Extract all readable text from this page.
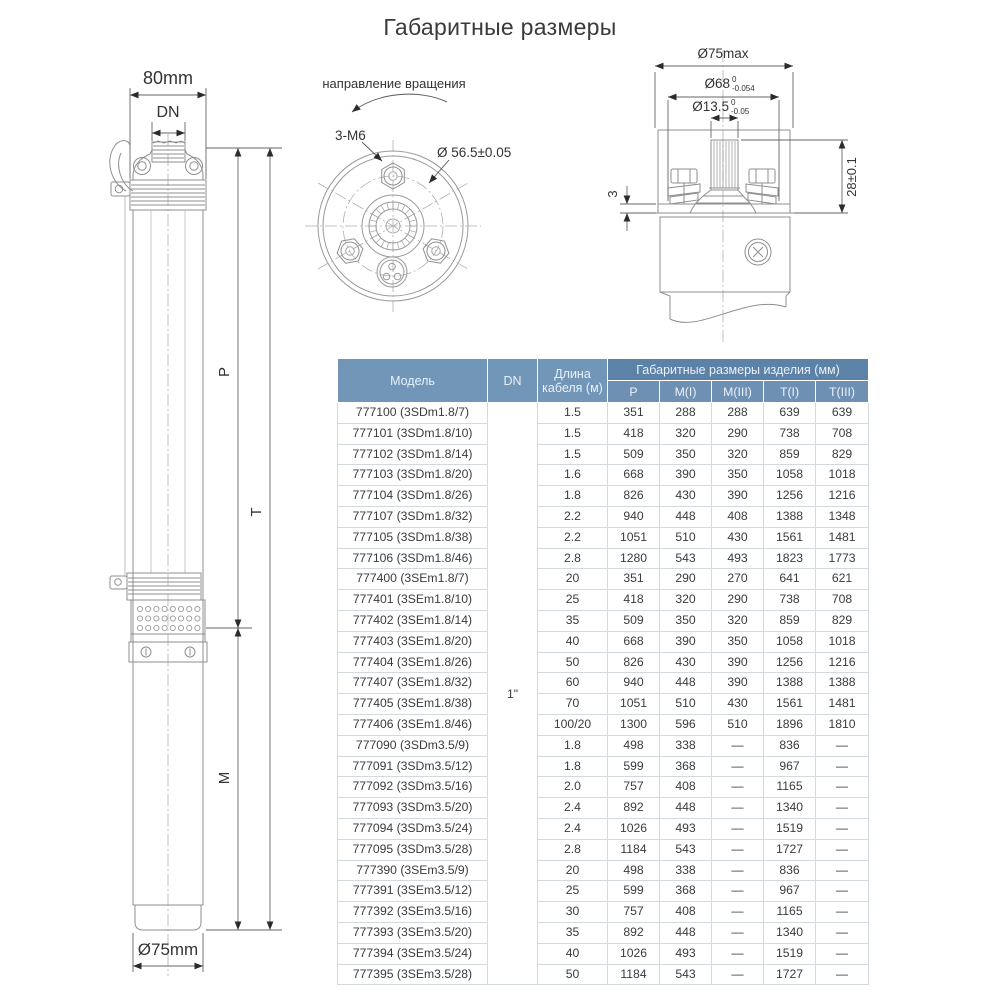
Габаритные размеры
80mm
DN
P
T
M
Ø75mm
направление вращения
3-M6
Ø 56.5±0.05
Ø75max
Ø68 0
-0.054
Ø13.5 0
-0.05
28±0.1
3
Модель	DN	Длина кабеля (м)	Габаритные размеры изделия (мм)				
			P	M(I)	M(III)	T(I)	T(III)
777100 (3SDm1.8/7)	1"	1.5	351	288	288	639	639
777101 (3SDm1.8/10)		1.5	418	320	290	738	708
777102 (3SDm1.8/14)		1.5	509	350	320	859	829
777103 (3SDm1.8/20)		1.6	668	390	350	1058	1018
777104 (3SDm1.8/26)		1.8	826	430	390	1256	1216
777107 (3SDm1.8/32)		2.2	940	448	408	1388	1348
777105 (3SDm1.8/38)		2.2	1051	510	430	1561	1481
777106 (3SDm1.8/46)		2.8	1280	543	493	1823	1773
777400 (3SEm1.8/7)		20	351	290	270	641	621
777401 (3SEm1.8/10)		25	418	320	290	738	708
777402 (3SEm1.8/14)		35	509	350	320	859	829
777403 (3SEm1.8/20)		40	668	390	350	1058	1018
777404 (3SEm1.8/26)		50	826	430	390	1256	1216
777407 (3SEm1.8/32)		60	940	448	390	1388	1388
777405 (3SEm1.8/38)		70	1051	510	430	1561	1481
777406 (3SEm1.8/46)		100/20	1300	596	510	1896	1810
777090 (3SDm3.5/9)		1.8	498	338	—	836	—
777091 (3SDm3.5/12)		1.8	599	368	—	967	—
777092 (3SDm3.5/16)		2.0	757	408	—	1165	—
777093 (3SDm3.5/20)		2.4	892	448	—	1340	—
777094 (3SDm3.5/24)		2.4	1026	493	—	1519	—
777095 (3SDm3.5/28)		2.8	1184	543	—	1727	—
777390 (3SEm3.5/9)		20	498	338	—	836	—
777391 (3SEm3.5/12)		25	599	368	—	967	—
777392 (3SEm3.5/16)		30	757	408	—	1165	—
777393 (3SEm3.5/20)		35	892	448	—	1340	—
777394 (3SEm3.5/24)		40	1026	493	—	1519	—
777395 (3SEm3.5/28)		50	1184	543	—	1727	—
